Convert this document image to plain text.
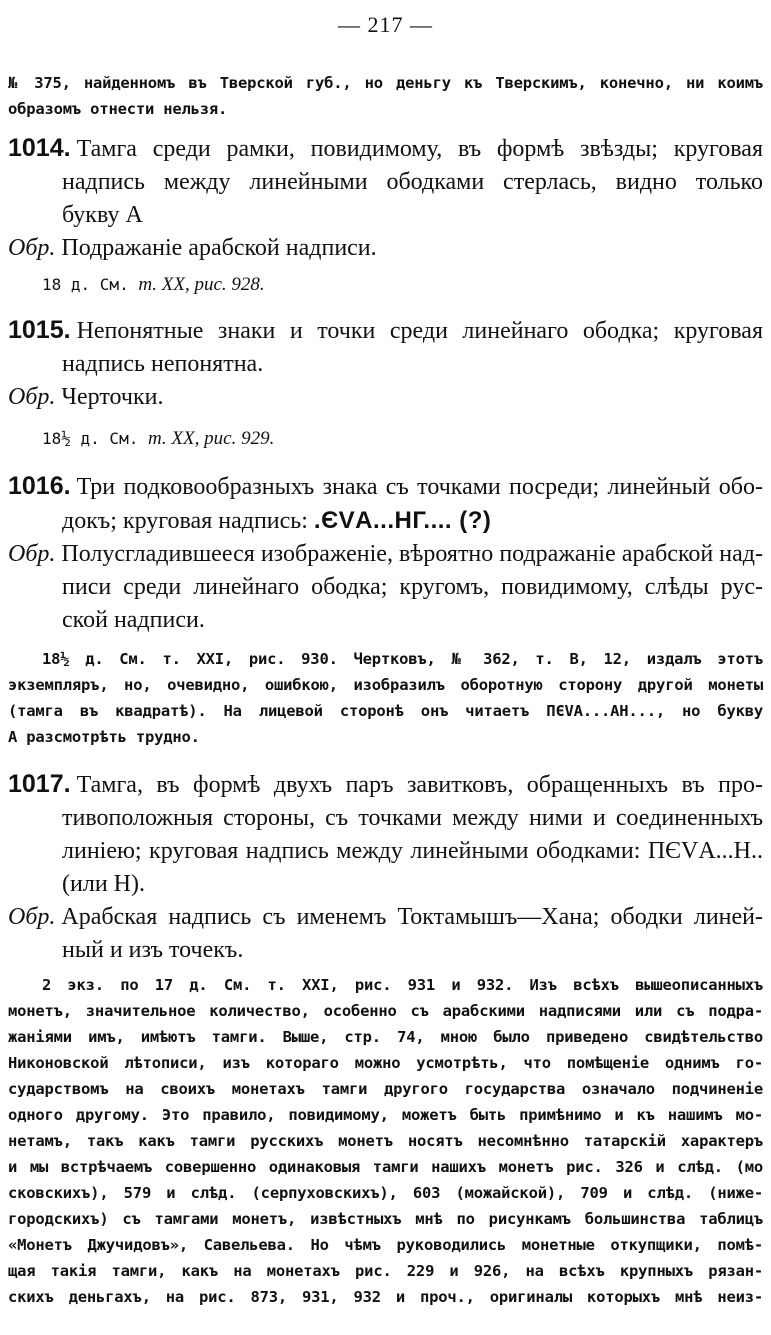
— 217 —
№ 375, найденномъ въ Тверской губ., но деньгу къ Тверскимъ, конечно, ни коимъ
образомъ отнести нельзя.
1014. Тамга среди рамки, повидимому, въ формѣ звѣзды; круговая
надпись между линейными ободками стерлась, видно только
букву А
Обр. Подражаніе арабской надписи.
18 д. См. т. XX, рис. 928.
1015. Непонятные знаки и точки среди линейнаго ободка; круговая
надпись непонятна.
Обр. Черточки.
18½ д. См. т. XX, рис. 929.
1016. Три подковообразныхъ знака съ точками посреди; линейный обо-
докъ; круговая надпись: .ЄVА...НГ.... (?)
Обр. Полусгладившееся изображеніе, вѣроятно подражаніе арабской над-
писи среди линейнаго ободка; кругомъ, повидимому, слѣды рус-
ской надписи.
18½ д. См. т. XXI, рис. 930. Чертковъ, № 362, т. В, 12, издалъ этотъ
экземпляръ, но, очевидно, ошибкою, изобразилъ оборотную сторону другой монеты
(тамга въ квадратѣ). На лицевой сторонѣ онъ читаетъ ПЄVА...АН..., но букву
А разсмотрѣть трудно.
1017. Тамга, въ формѣ двухъ паръ завитковъ, обращенныхъ въ про-
тивоположныя стороны, съ точками между ними и соединенныхъ
линіею; круговая надпись между линейными ободками: ПЄVА...Н..
(или Н).
Обр. Арабская надпись съ именемъ Токтамышъ—Хана; ободки линей-
ный и изъ точекъ.
2 экз. по 17 д. См. т. XXI, рис. 931 и 932. Изъ всѣхъ вышеописанныхъ
монетъ, значительное количество, особенно съ арабскими надписями или съ подра-
жаніями имъ, имѣютъ тамги. Выше, стр. 74, мною было приведено свидѣтельство
Никоновской лѣтописи, изъ котораго можно усмотрѣть, что помѣщеніе однимъ го-
сударствомъ на своихъ монетахъ тамги другого государства означало подчиненіе
одного другому. Это правило, повидимому, можетъ быть примѣнимо и къ нашимъ мо-
нетамъ, такъ какъ тамги русскихъ монетъ носятъ несомнѣнно татарскій характеръ
и мы встрѣчаемъ совершенно одинаковыя тамги нашихъ монетъ рис. 326 и слѣд. (мо
сковскихъ), 579 и слѣд. (серпуховскихъ), 603 (можайской), 709 и слѣд. (ниже-
городскихъ) съ тамгами монетъ, извѣстныхъ мнѣ по рисункамъ большинства таблицъ
«Монетъ Джучидовъ», Савельева. Но чѣмъ руководились монетные откупщики, помѣ-
щая такія тамги, какъ на монетахъ рис. 229 и 926, на всѣхъ крупныхъ рязан-
скихъ деньгахъ, на рис. 873, 931, 932 и проч., оригиналы которыхъ мнѣ неиз-
